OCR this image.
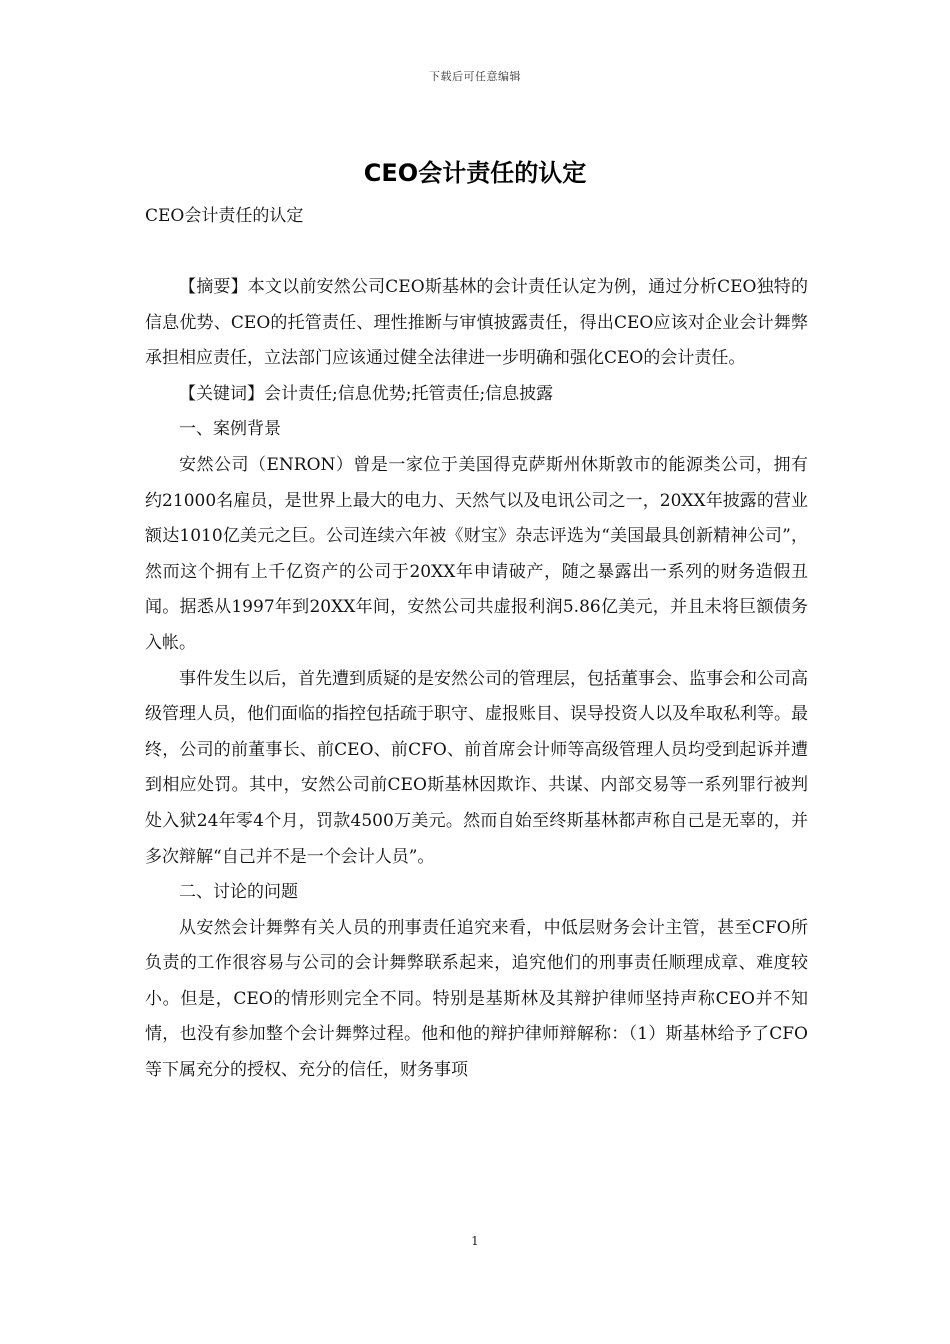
下载后可任意编辑
CEO会计责任的认定
CEO会计责任的认定

【摘要】本文以前安然公司CEO斯基林的会计责任认定为例，通过分析CEO独特的信息优势、CEO的托管责任、理性推断与审慎披露责任，得出CEO应该对企业会计舞弊承担相应责任，立法部门应该通过健全法律进一步明确和强化CEO的会计责任。

【关键词】会计责任;信息优势;托管责任;信息披露

一、案例背景

安然公司（ENRON）曾是一家位于美国得克萨斯州休斯敦市的能源类公司，拥有约21000名雇员，是世界上最大的电力、天然气以及电讯公司之一，20XX年披露的营业额达1010亿美元之巨。公司连续六年被《财宝》杂志评选为“美国最具创新精神公司”，然而这个拥有上千亿资产的公司于20XX年申请破产，随之暴露出一系列的财务造假丑闻。据悉从1997年到20XX年间，安然公司共虚报利润5.86亿美元，并且未将巨额债务入帐。

事件发生以后，首先遭到质疑的是安然公司的管理层，包括董事会、监事会和公司高级管理人员，他们面临的指控包括疏于职守、虚报账目、误导投资人以及牟取私利等。最终，公司的前董事长、前CEO、前CFO、前首席会计师等高级管理人员均受到起诉并遭到相应处罚。其中，安然公司前CEO斯基林因欺诈、共谋、内部交易等一系列罪行被判处入狱24年零4个月，罚款4500万美元。然而自始至终斯基林都声称自己是无辜的，并多次辩解“自己并不是一个会计人员”。

二、讨论的问题

从安然会计舞弊有关人员的刑事责任追究来看，中低层财务会计主管，甚至CFO所负责的工作很容易与公司的会计舞弊联系起来，追究他们的刑事责任顺理成章、难度较小。但是，CEO的情形则完全不同。特别是基斯林及其辩护律师坚持声称CEO并不知情，也没有参加整个会计舞弊过程。他和他的辩护律师辩解称：（1）斯基林给予了CFO等下属充分的授权、充分的信任，财务事项

1
